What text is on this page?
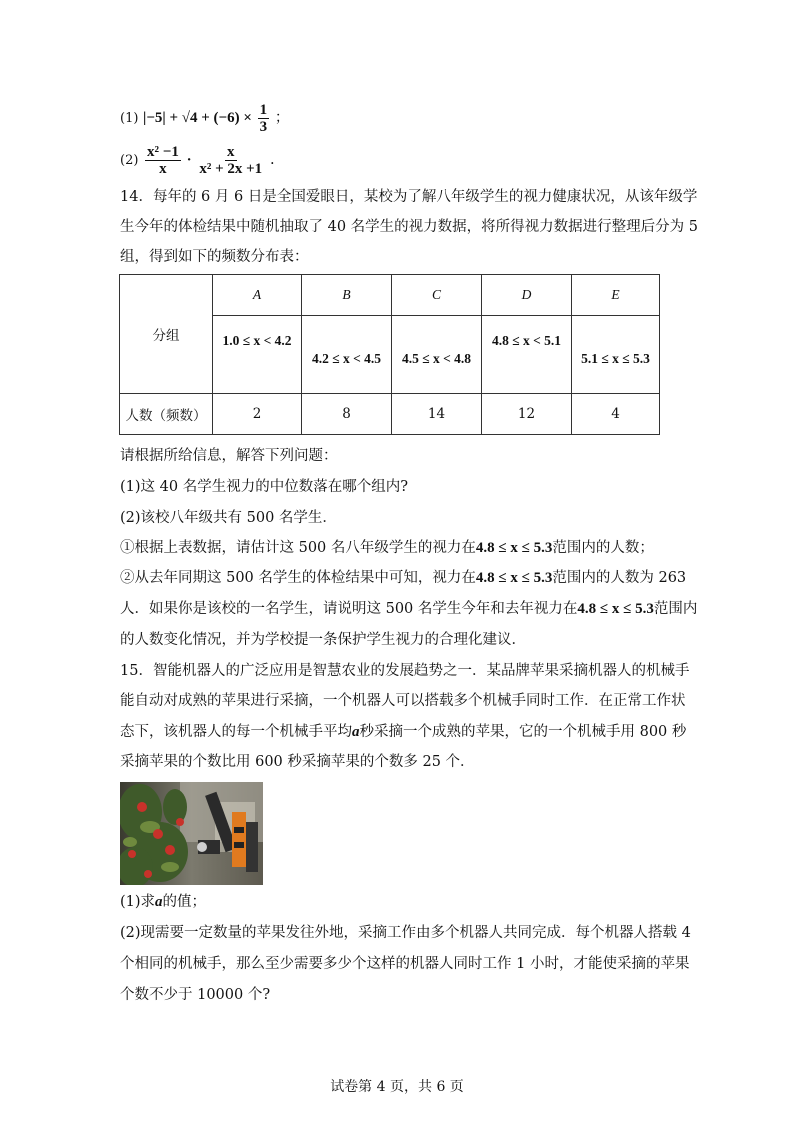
(1) $|-5| + √4 + (-6) \times \frac{1}{3}$ ；
$(2) \frac{\text{x² −1}}{x} \cdot \frac{x}{\text{x² + 2x +1}}$ .
14．每年的 6 月 6 日是全国爱眼日，某校为了解八年级学生的视力健康状况，从该年级学
生今年的体检结果中随机抽取了 40 名学生的视力数据，将所得视力数据进行整理后分为 5
组，得到如下的频数分布表：
分组	A	B	C	D	E
	1.0 ≤ x < 4.2	4.2 ≤ x < 4.5	4.5 ≤ x < 4.8	4.8 ≤ x < 5.1	5.1 ≤ x ≤ 5.3
人数（频数）	2	8	14	12	4
请根据所给信息，解答下列问题：
(1)这 40 名学生视力的中位数落在哪个组内?
(2)该校八年级共有 500 名学生．
①根据上表数据，请估计这 500 名八年级学生的视力在4.8 ≤ x ≤ 5.3范围内的人数；
②从去年同期这 500 名学生的体检结果中可知，视力在4.8 ≤ x ≤ 5.3范围内的人数为 263
人．如果你是该校的一名学生，请说明这 500 名学生今年和去年视力在4.8 ≤ x ≤ 5.3范围内
的人数变化情况，并为学校提一条保护学生视力的合理化建议．
15．智能机器人的广泛应用是智慧农业的发展趋势之一．某品牌苹果采摘机器人的机械手
能自动对成熟的苹果进行采摘，一个机器人可以搭载多个机械手同时工作．在正常工作状
态下，该机器人的每一个机械手平均a秒采摘一个成熟的苹果，它的一个机械手用 800 秒
采摘苹果的个数比用 600 秒采摘苹果的个数多 25 个．
(1)求a的值；
(2)现需要一定数量的苹果发往外地，采摘工作由多个机器人共同完成．每个机器人搭载 4
个相同的机械手，那么至少需要多少个这样的机器人同时工作 1 小时，才能使采摘的苹果
个数不少于 10000 个?
试卷第 4 页，共 6 页
